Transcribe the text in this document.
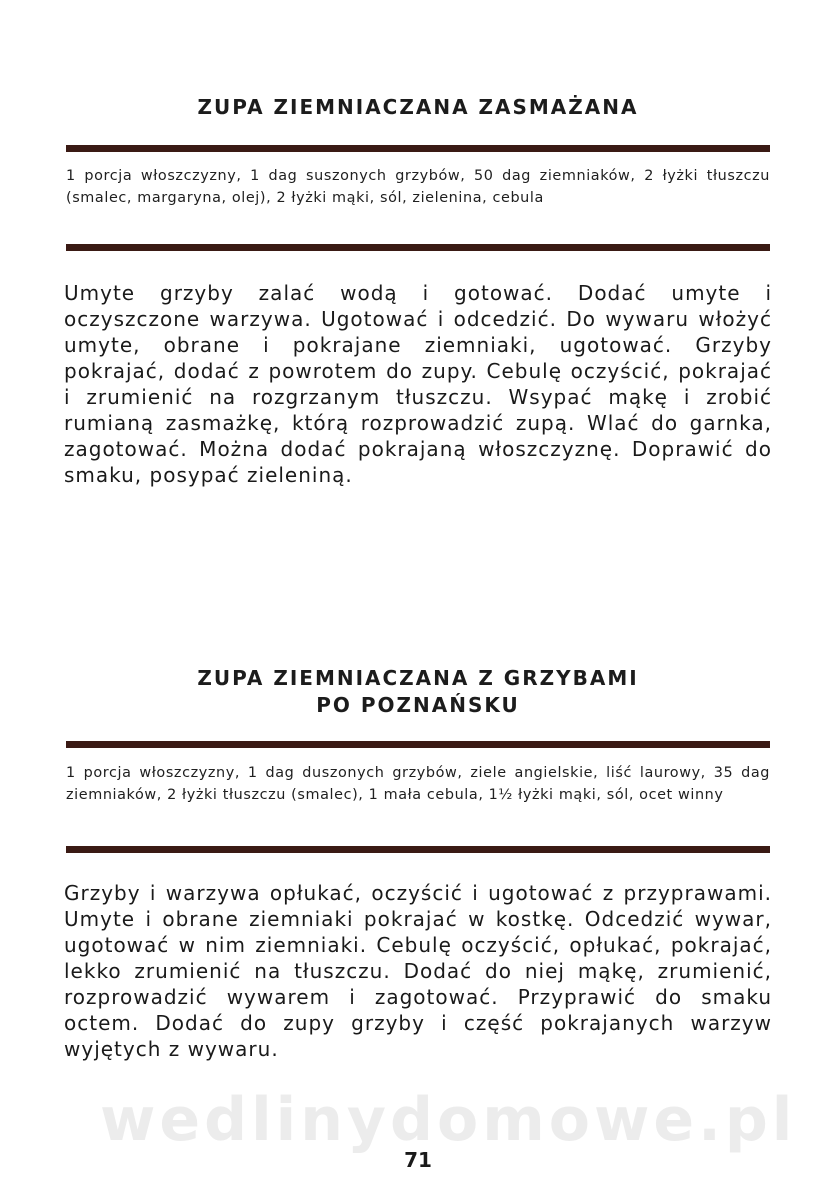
ZUPA ZIEMNIACZANA ZASMAŻANA
1 porcja włoszczyzny, 1 dag suszonych grzybów, 50 dag ziemniaków, 2 łyżki tłuszczu (smalec, margaryna, olej), 2 łyżki mąki, sól, zielenina, cebula
Umyte grzyby zalać wodą i gotować. Dodać umyte i oczyszczone warzywa. Ugotować i odcedzić. Do wywaru włożyć umyte, obrane i pokrajane ziemniaki, ugotować. Grzyby pokrajać, dodać z powrotem do zupy. Cebulę oczyścić, pokrajać i zrumienić na rozgrzanym tłuszczu. Wsypać mąkę i zrobić rumianą zasmażkę, którą rozprowadzić zupą. Wlać do garnka, zagotować. Można dodać pokrajaną włoszczyznę. Doprawić do smaku, posypać zieleniną.
ZUPA ZIEMNIACZANA Z GRZYBAMI
PO POZNAŃSKU
1 porcja włoszczyzny, 1 dag duszonych grzybów, ziele angielskie, liść laurowy, 35 dag ziemniaków, 2 łyżki tłuszczu (smalec), 1 mała cebula, 1½ łyżki mąki, sól, ocet winny
Grzyby i warzywa opłukać, oczyścić i ugotować z przyprawami. Umyte i obrane ziemniaki pokrajać w kostkę. Odcedzić wywar, ugotować w nim ziemniaki. Cebulę oczyścić, opłukać, pokrajać, lekko zrumienić na tłuszczu. Dodać do niej mąkę, zrumienić, rozprowadzić wywarem i zagotować. Przyprawić do smaku octem. Dodać do zupy grzyby i część pokrajanych warzyw wyjętych z wywaru.
wedlinydomowe.pl
71
